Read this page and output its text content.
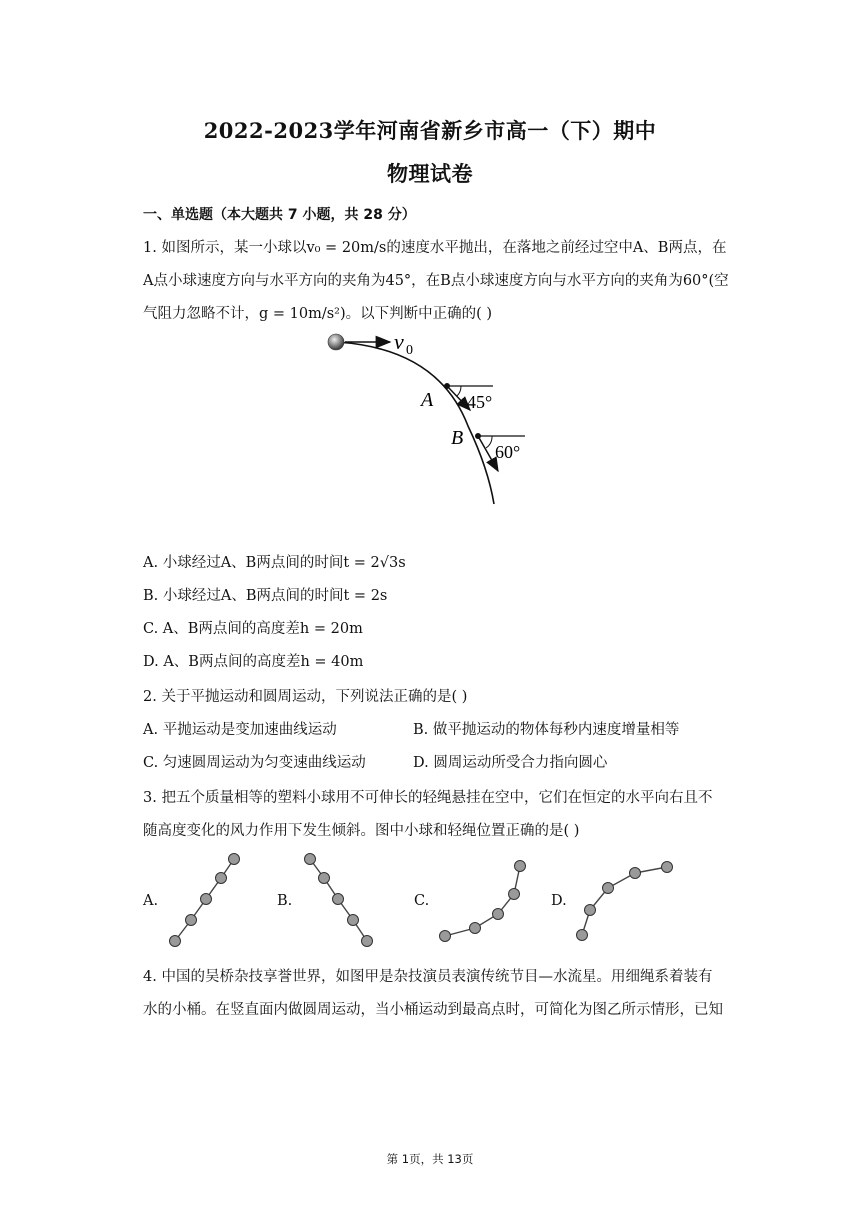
2022-2023学年河南省新乡市高一（下）期中
物理试卷
一、单选题（本大题共 7 小题，共 28 分）
1. 如图所示，某一小球以v₀ = 20m/s的速度水平抛出，在落地之前经过空中A、B两点，在
A点小球速度方向与水平方向的夹角为45°，在B点小球速度方向与水平方向的夹角为60°(空
气阻力忽略不计，g = 10m/s²)。以下判断中正确的( )
v 0
A 45°
B
60°
A. 小球经过A、B两点间的时间t = 2√3s
B. 小球经过A、B两点间的时间t = 2s
C. A、B两点间的高度差h = 20m
D. A、B两点间的高度差h = 40m
2. 关于平抛运动和圆周运动，下列说法正确的是( )
A. 平抛运动是变加速曲线运动	B. 做平抛运动的物体每秒内速度增量相等
C. 匀速圆周运动为匀变速曲线运动	D. 圆周运动所受合力指向圆心
3. 把五个质量相等的塑料小球用不可伸长的轻绳悬挂在空中，它们在恒定的水平向右且不
随高度变化的风力作用下发生倾斜。图中小球和轻绳位置正确的是( )
A.	B.	C.	D.
4. 中国的吴桥杂技享誉世界，如图甲是杂技演员表演传统节目—水流星。用细绳系着装有
水的小桶。在竖直面内做圆周运动，当小桶运动到最高点时，可简化为图乙所示情形，已知
第 1页，共 13页
